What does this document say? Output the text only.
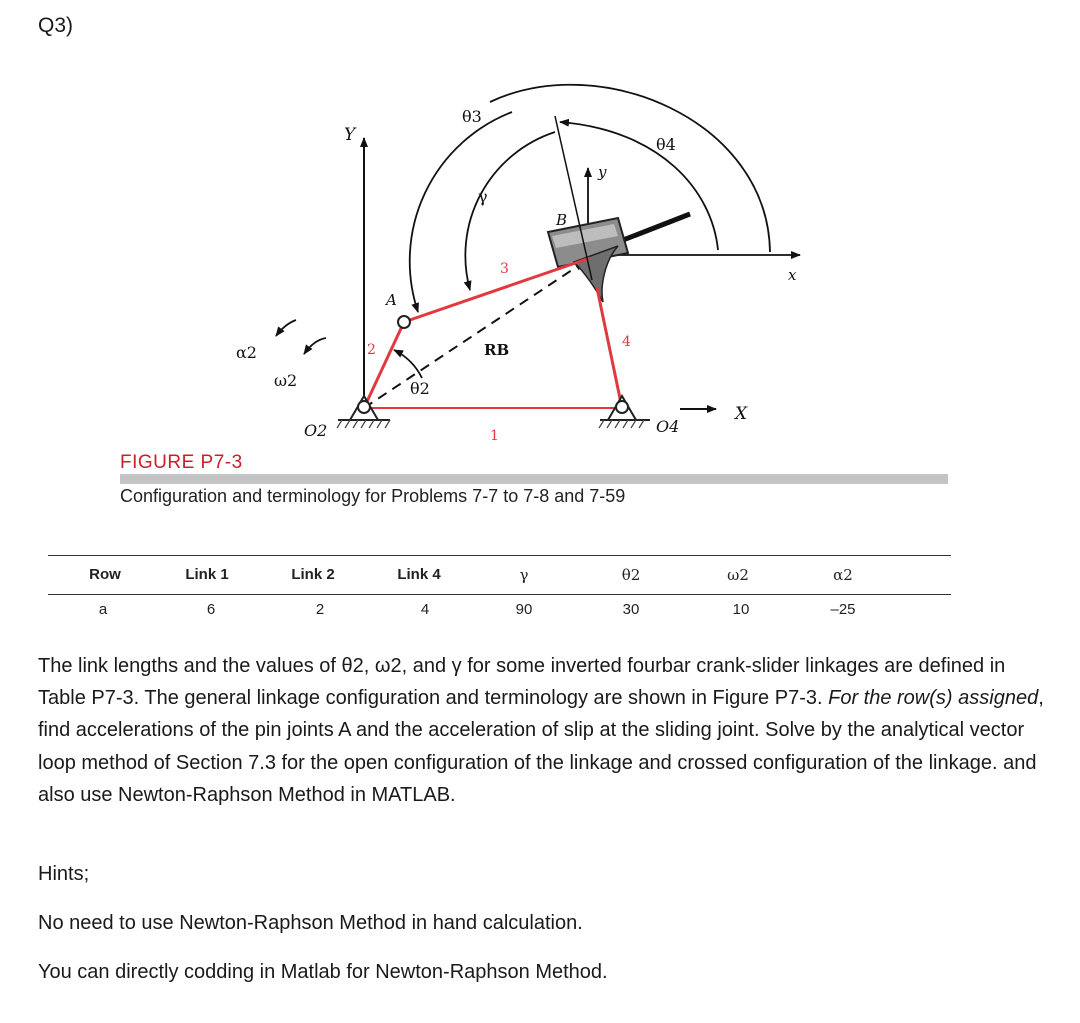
Q3)
Y
θ3
θ4
γ
y
B
3	x
A
4
α2	2	RB
ω2	θ2
X
O2	1	O4
FIGURE P7-3
Configuration and terminology for Problems 7-7 to 7-8 and 7-59
Row	Link 1	Link 2	Link 4	γ	θ2	ω2	α2
a	6	2	4	90	30	10	–25
The link lengths and the values of θ2, ω2, and γ for some inverted fourbar crank-slider linkages are defined in Table P7-3. The general linkage configuration and terminology are shown in Figure P7-3. For the row(s) assigned, find accelerations of the pin joints A and the acceleration of slip at the sliding joint. Solve by the analytical vector loop method of Section 7.3 for the open configuration of the linkage and crossed configuration of the linkage. and also use Newton-Raphson Method in MATLAB.
Hints;
No need to use Newton-Raphson Method in hand calculation.
You can directly codding in Matlab for Newton-Raphson Method.
